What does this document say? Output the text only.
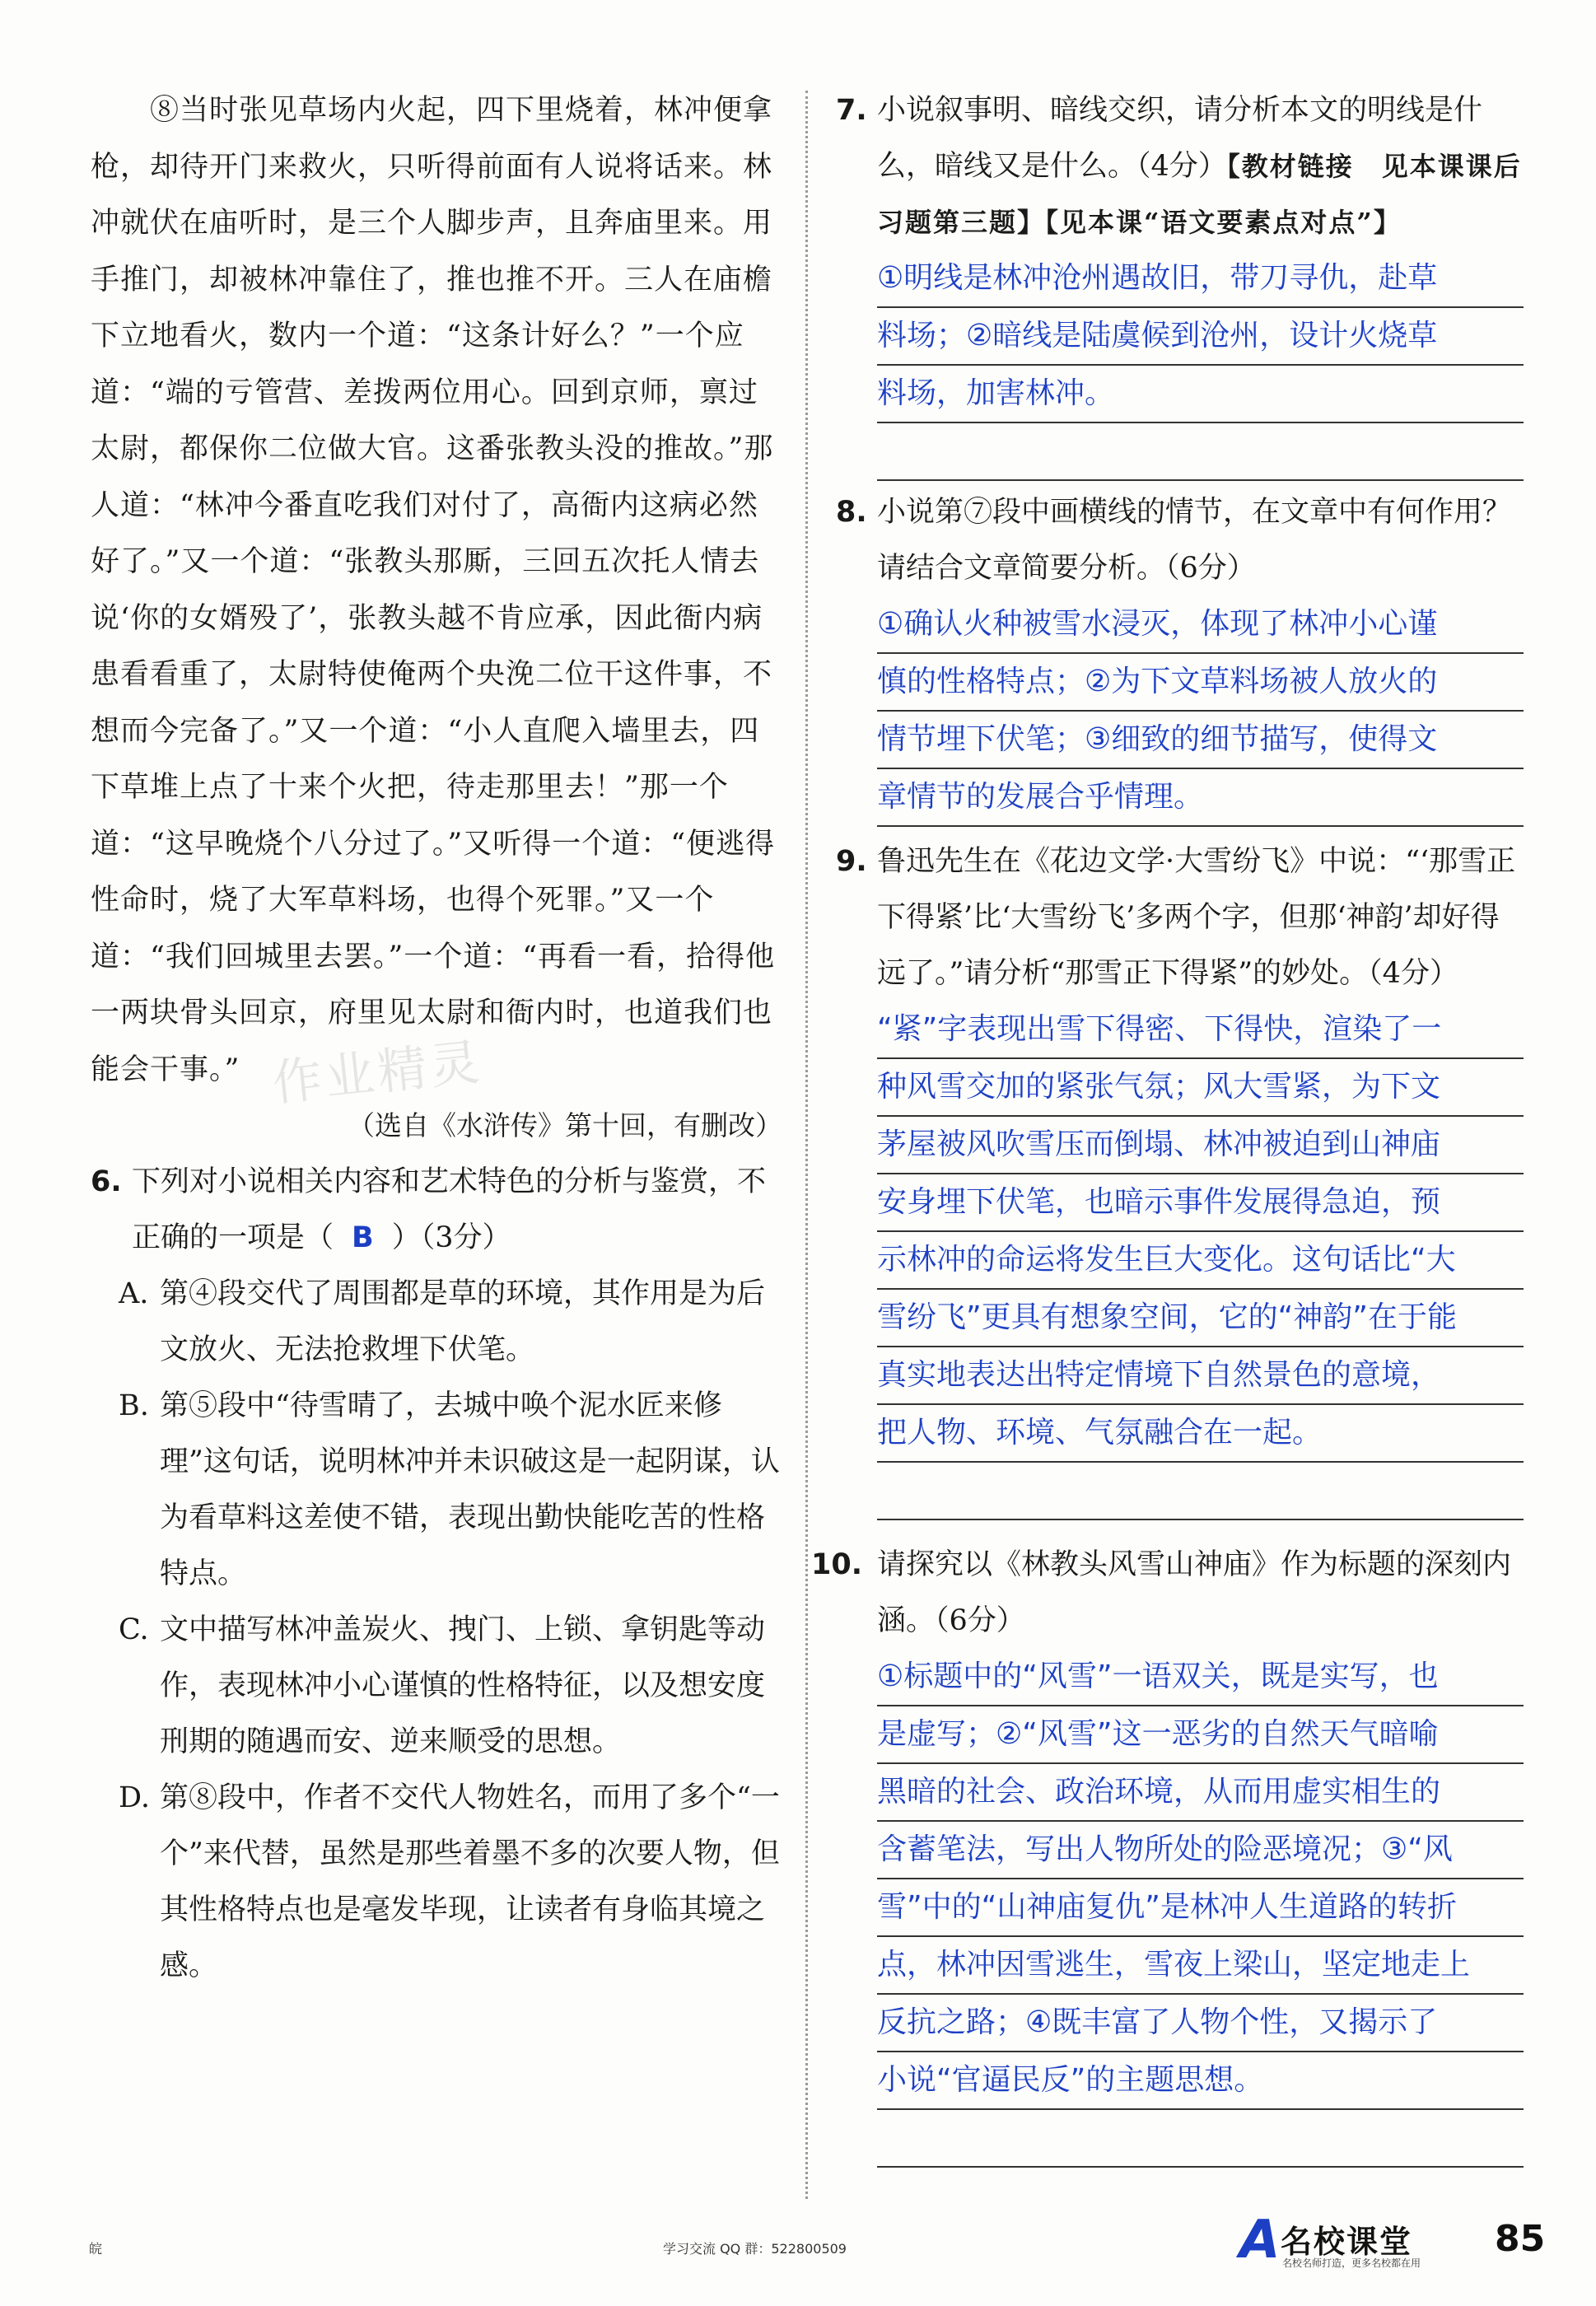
作业精灵

⑧当时张见草场内火起，四下里烧着，林冲便拿枪，却待开门来救火，只听得前面有人说将话来。林冲就伏在庙听时，是三个人脚步声，且奔庙里来。用手推门，却被林冲靠住了，推也推不开。三人在庙檐下立地看火，数内一个道：“这条计好么？”一个应道：“端的亏管营、差拨两位用心。回到京师，禀过太尉，都保你二位做大官。这番张教头没的推故。”那人道：“林冲今番直吃我们对付了，高衙内这病必然好了。”又一个道：“张教头那厮，三回五次托人情去说‘你的女婿殁了’，张教头越不肯应承，因此衙内病患看看重了，太尉特使俺两个央浼二位干这件事，不想而今完备了。”又一个道：“小人直爬入墙里去，四下草堆上点了十来个火把，待走那里去！”那一个道：“这早晚烧个八分过了。”又听得一个道：“便逃得性命时，烧了大军草料场，也得个死罪。”又一个道：“我们回城里去罢。”一个道：“再看一看，拾得他一两块骨头回京，府里见太尉和衙内时，也道我们也能会干事。”

（选自《水浒传》第十回，有删改）

6. 下列对小说相关内容和艺术特色的分析与鉴赏，不正确的一项是（ B ）（3分）

A. 第④段交代了周围都是草的环境，其作用是为后文放火、无法抢救埋下伏笔。

B. 第⑤段中“待雪晴了，去城中唤个泥水匠来修理”这句话，说明林冲并未识破这是一起阴谋，认为看草料这差使不错，表现出勤快能吃苦的性格特点。

C. 文中描写林冲盖炭火、拽门、上锁、拿钥匙等动作，表现林冲小心谨慎的性格特征，以及想安度刑期的随遇而安、逆来顺受的思想。

D. 第⑧段中，作者不交代人物姓名，而用了多个“一个”来代替，虽然是那些着墨不多的次要人物，但其性格特点也是毫发毕现，让读者有身临其境之感。

7. 小说叙事明、暗线交织，请分析本文的明线是什么，暗线又是什么。（4分）【教材链接　见本课课后习题第三题】【见本课“语文要素点对点”】

①明线是林冲沧州遇故旧，带刀寻仇，赴草
料场；②暗线是陆虞候到沧州，设计火烧草
料场，加害林冲。

8. 小说第⑦段中画横线的情节，在文章中有何作用？请结合文章简要分析。（6分）

①确认火种被雪水浸灭，体现了林冲小心谨
慎的性格特点；②为下文草料场被人放火的
情节埋下伏笔；③细致的细节描写，使得文
章情节的发展合乎情理。

9. 鲁迅先生在《花边文学·大雪纷飞》中说：“‘那雪正下得紧’比‘大雪纷飞’多两个字，但那‘神韵’却好得远了。”请分析“那雪正下得紧”的妙处。（4分）

“紧”字表现出雪下得密、下得快，渲染了一
种风雪交加的紧张气氛；风大雪紧，为下文
茅屋被风吹雪压而倒塌、林冲被迫到山神庙
安身埋下伏笔，也暗示事件发展得急迫，预
示林冲的命运将发生巨大变化。这句话比“大
雪纷飞”更具有想象空间，它的“神韵”在于能
真实地表达出特定情境下自然景色的意境，
把人物、环境、气氛融合在一起。

10. 请探究以《林教头风雪山神庙》作为标题的深刻内涵。（6分）

①标题中的“风雪”一语双关，既是实写，也
是虚写；②“风雪”这一恶劣的自然天气暗喻
黑暗的社会、政治环境，从而用虚实相生的
含蓄笔法，写出人物所处的险恶境况；③“风
雪”中的“山神庙复仇”是林冲人生道路的转折
点，林冲因雪逃生，雪夜上梁山，坚定地走上
反抗之路；④既丰富了人物个性，又揭示了
小说“官逼民反”的主题思想。
皖	学习交流 QQ 群：522800509	A 名校课堂
名校名师打造，更多名校都在用
85
